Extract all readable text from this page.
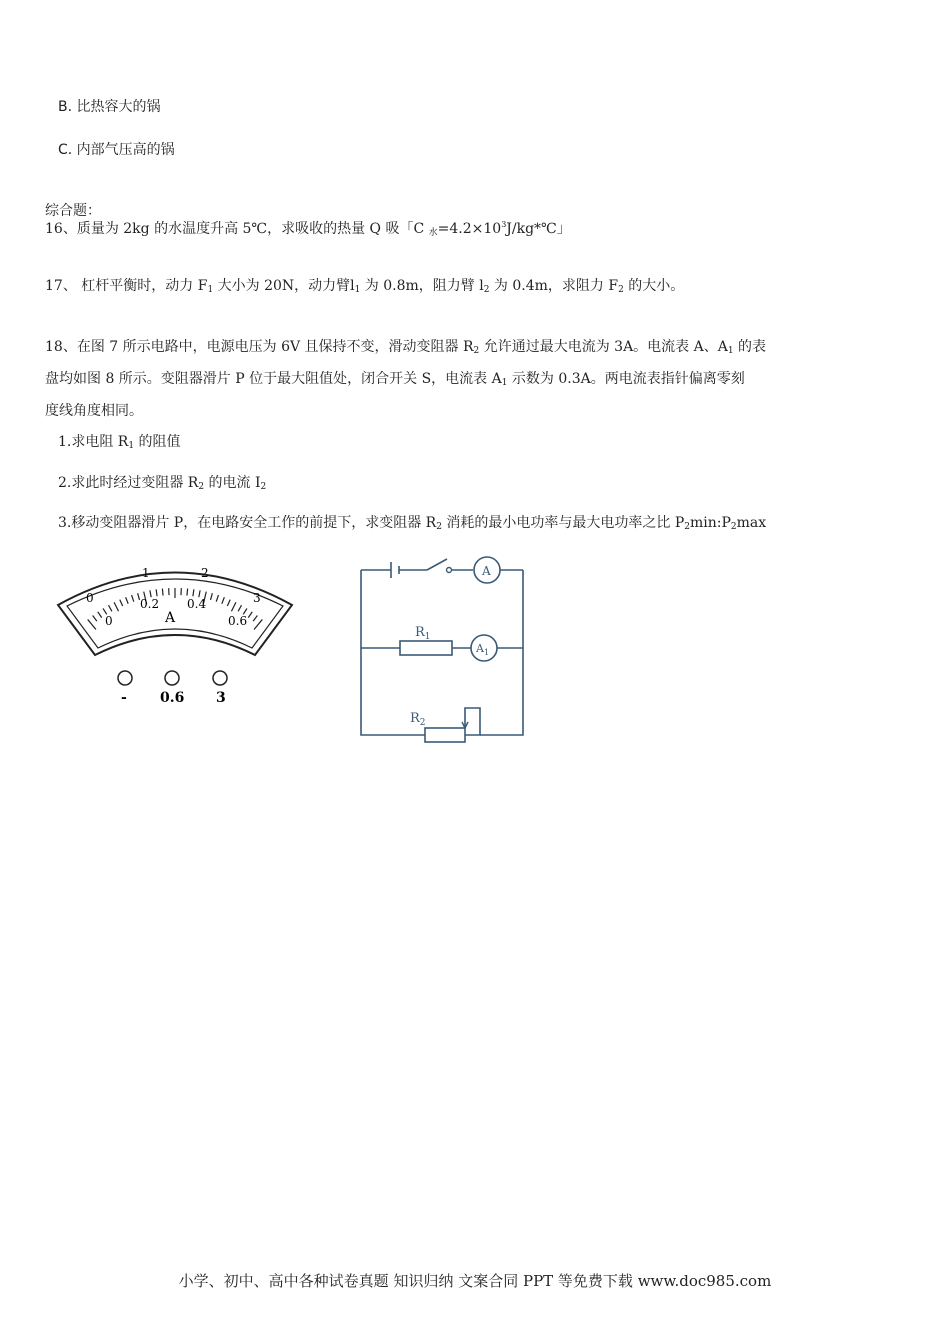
B. 比热容大的锅
C. 内部气压高的锅
综合题：
16、质量为 2kg 的水温度升高 5℃，求吸收的热量 Q 吸「C 水$=4.2\times 10^3J/kg*℃$」
17、 杠杆平衡时，动力 F1 大小为 20N，动力臂l1 为 0.8m，阻力臂 l2 为 0.4m，求阻力 F2 的大小。
18、在图 7 所示电路中，电源电压为 6V 且保持不变，滑动变阻器 R2 允许通过最大电流为 3A。电流表 A、A1 的表
盘均如图 8 所示。变阻器滑片 P 位于最大阻值处，闭合开关 S，电流表 A1 示数为 0.3A。两电流表指针偏离零刻
度线角度相同。
1.求电阻 R1 的阻值
2.求此时经过变阻器 R2 的电流 I2
3.移动变阻器滑片 P，在电路安全工作的前提下，求变阻器 R2 消耗的最小电功率与最大电功率之比 P2min:P2max
0
1	2
3
0
0.2 0.4
0.6
A
- 0.6 3
A
$R_1$
$A_1$
$R_2$
小学、初中、高中各种试卷真题 知识归纳 文案合同 PPT 等免费下载 www.doc985.com
